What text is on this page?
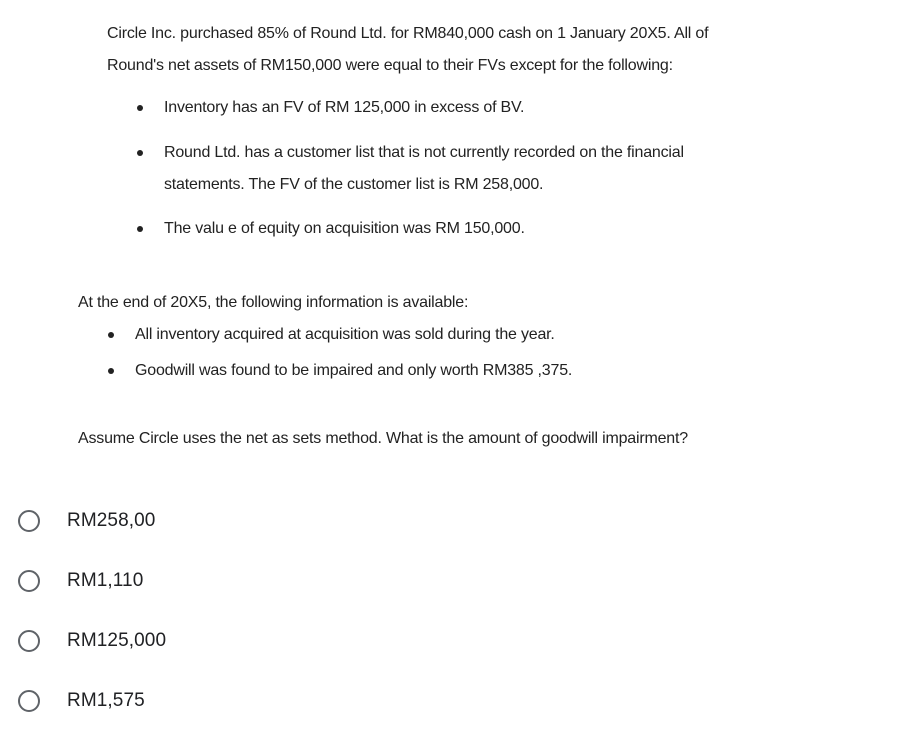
Circle Inc. purchased 85% of Round Ltd. for RM840,000 cash on 1 January 20X5. All of
Round's net assets of RM150,000 were equal to their FVs except for the following:
Inventory has an FV of RM 125,000 in excess of BV.
Round Ltd. has a customer list that is not currently recorded on the financial
statements. The FV of the customer list is RM 258,000.
The valu e of equity on acquisition was RM 150,000.
At the end of 20X5, the following information is available:
All inventory acquired at acquisition was sold during the year.
Goodwill was found to be impaired and only worth RM385 ,375.
Assume Circle uses the net as sets method. What is the amount of goodwill impairment?
RM258,00
RM1,110
RM125,000
RM1,575
